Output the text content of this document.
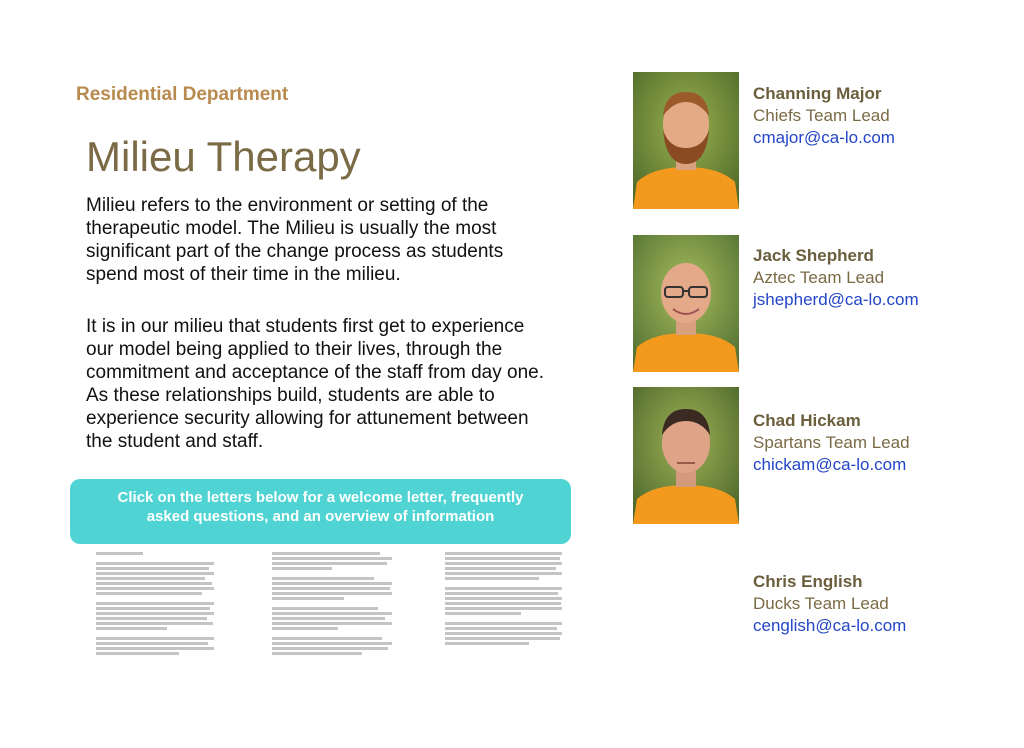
Residential Department
Milieu Therapy
Milieu refers to the environment or setting of the
therapeutic model. The Milieu is usually the most
significant part of the change process as students
spend most of their time in the milieu.
It is in our milieu that students first get to experience
our model being applied to their lives, through the
commitment and acceptance of the staff from day one.
As these relationships build, students are able to
experience security allowing for attunement between
the student and staff.
Click on the letters below for a welcome letter, frequently
asked questions, and an overview of information
Channing Major
Chiefs Team Lead
cmajor@ca-lo.com
Jack Shepherd
Aztec Team Lead
jshepherd@ca-lo.com
Chad Hickam
Spartans Team Lead
chickam@ca-lo.com
Chris English
Ducks Team Lead
cenglish@ca-lo.com
